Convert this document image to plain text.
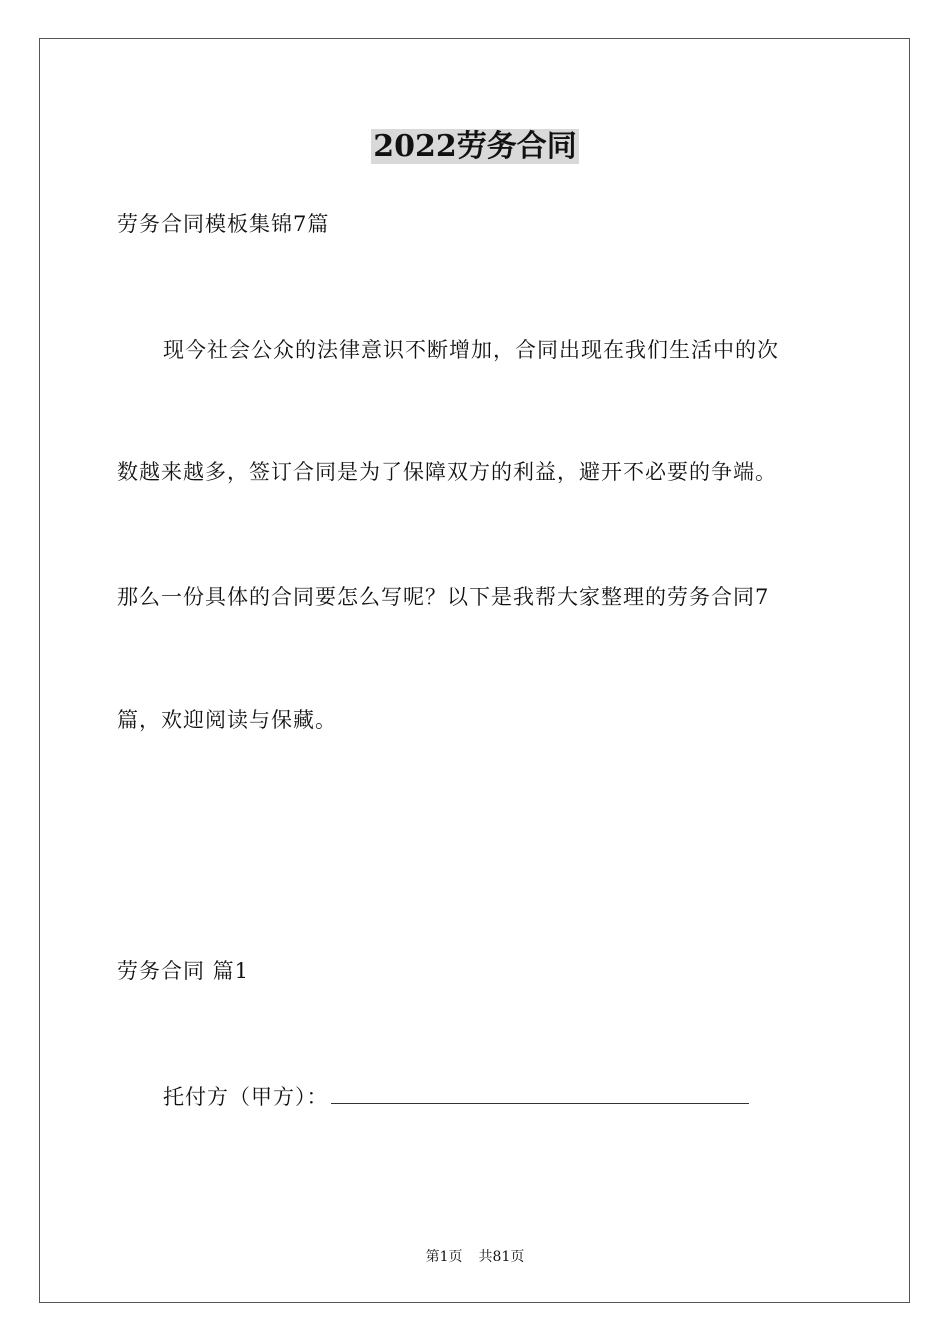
2022劳务合同
劳务合同模板集锦7篇
现今社会公众的法律意识不断增加，合同出现在我们生活中的次
数越来越多，签订合同是为了保障双方的利益，避开不必要的争端。
那么一份具体的合同要怎么写呢？以下是我帮大家整理的劳务合同7
篇，欢迎阅读与保藏。
劳务合同 篇1
托付方（甲方）：
第1页 共81页
